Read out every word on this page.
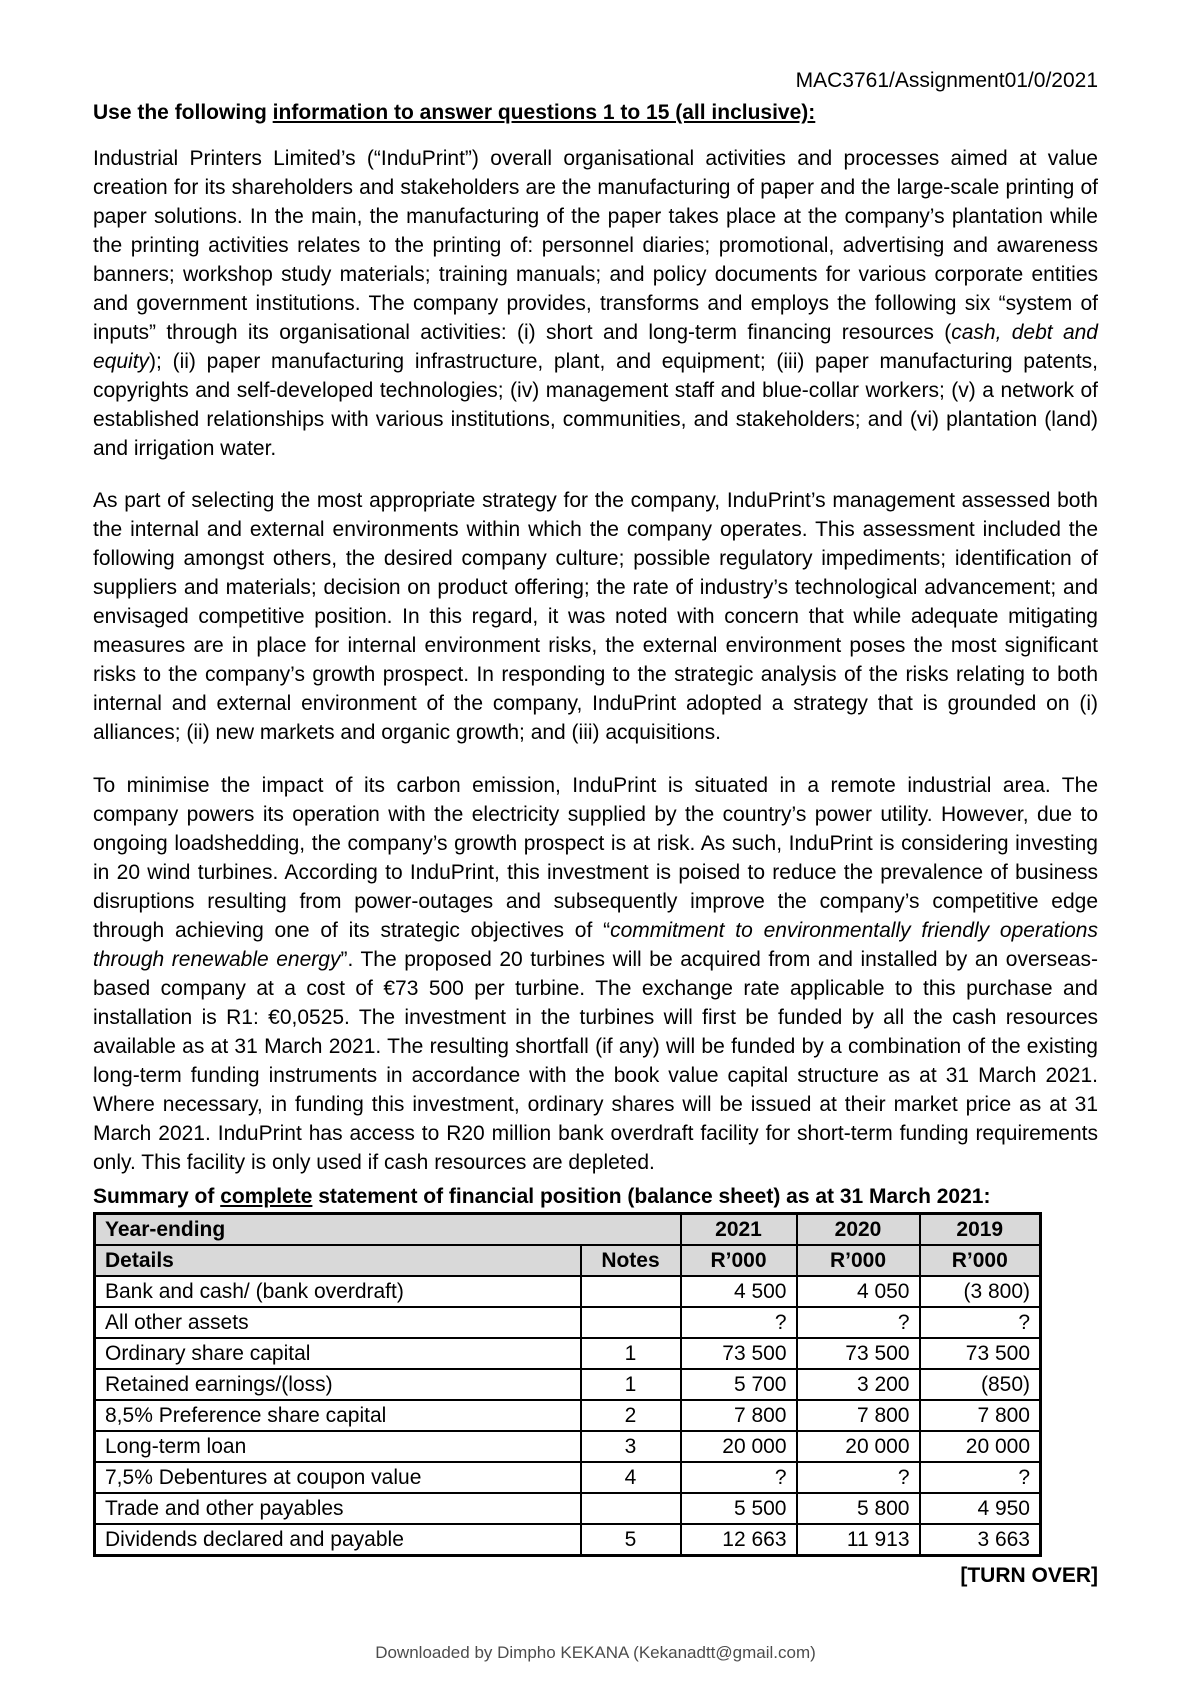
MAC3761/Assignment01/0/2021
Use the following information to answer questions 1 to 15 (all inclusive):

Industrial Printers Limited’s (“InduPrint”) overall organisational activities and processes aimed at value creation for its shareholders and stakeholders are the manufacturing of paper and the large-scale printing of paper solutions. In the main, the manufacturing of the paper takes place at the company’s plantation while the printing activities relates to the printing of: personnel diaries; promotional, advertising and awareness banners; workshop study materials; training manuals; and policy documents for various corporate entities and government institutions. The company provides, transforms and employs the following six “system of inputs” through its organisational activities: (i) short and long-term financing resources (cash, debt and equity); (ii) paper manufacturing infrastructure, plant, and equipment; (iii) paper manufacturing patents, copyrights and self-developed technologies; (iv) management staff and blue-collar workers; (v) a network of established relationships with various institutions, communities, and stakeholders; and (vi) plantation (land) and irrigation water.

As part of selecting the most appropriate strategy for the company, InduPrint’s management assessed both the internal and external environments within which the company operates. This assessment included the following amongst others, the desired company culture; possible regulatory impediments; identification of suppliers and materials; decision on product offering; the rate of industry’s technological advancement; and envisaged competitive position. In this regard, it was noted with concern that while adequate mitigating measures are in place for internal environment risks, the external environment poses the most significant risks to the company’s growth prospect. In responding to the strategic analysis of the risks relating to both internal and external environment of the company, InduPrint adopted a strategy that is grounded on (i) alliances; (ii) new markets and organic growth; and (iii) acquisitions.

To minimise the impact of its carbon emission, InduPrint is situated in a remote industrial area. The company powers its operation with the electricity supplied by the country’s power utility. However, due to ongoing loadshedding, the company’s growth prospect is at risk. As such, InduPrint is considering investing in 20 wind turbines. According to InduPrint, this investment is poised to reduce the prevalence of business disruptions resulting from power-outages and subsequently improve the company’s competitive edge through achieving one of its strategic objectives of “commitment to environmentally friendly operations through renewable energy”. The proposed 20 turbines will be acquired from and installed by an overseas-based company at a cost of €73 500 per turbine. The exchange rate applicable to this purchase and installation is R1: €0,0525. The investment in the turbines will first be funded by all the cash resources available as at 31 March 2021. The resulting shortfall (if any) will be funded by a combination of the existing long-term funding instruments in accordance with the book value capital structure as at 31 March 2021. Where necessary, in funding this investment, ordinary shares will be issued at their market price as at 31 March 2021. InduPrint has access to R20 million bank overdraft facility for short-term funding requirements only. This facility is only used if cash resources are depleted.

Summary of complete statement of financial position (balance sheet) as at 31 March 2021:
Year-ending		2021	2020	2019
Details	Notes	R’000	R’000	R’000
Bank and cash/ (bank overdraft)		4 500	4 050	(3 800)
All other assets		?	?	?
Ordinary share capital	1	73 500	73 500	73 500
Retained earnings/(loss)	1	5 700	3 200	(850)
8,5% Preference share capital	2	7 800	7 800	7 800
Long-term loan	3	20 000	20 000	20 000
7,5% Debentures at coupon value	4	?	?	?
Trade and other payables		5 500	5 800	4 950
Dividends declared and payable	5	12 663	11 913	3 663
[TURN OVER]
Downloaded by Dimpho KEKANA (Kekanadtt@gmail.com)
